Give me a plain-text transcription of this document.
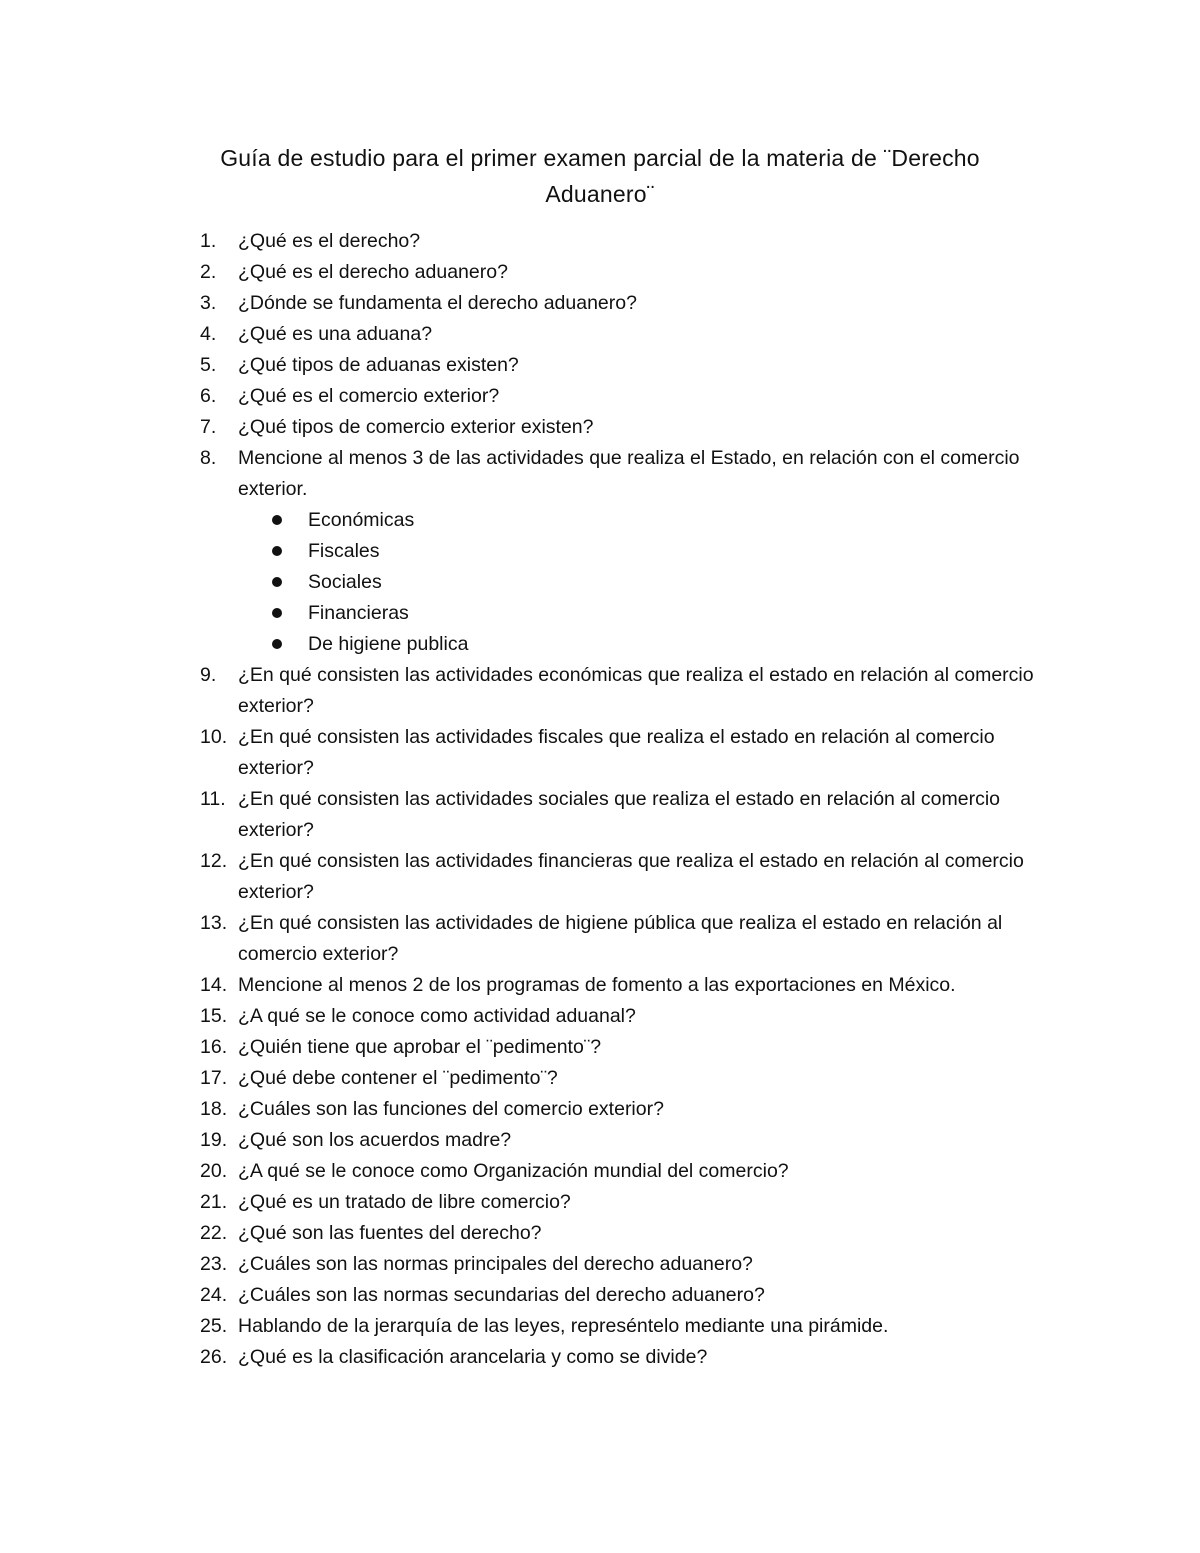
Guía de estudio para el primer examen parcial de la materia de ¨Derecho
Aduanero¨
1.	¿Qué es el derecho?
2.	¿Qué es el derecho aduanero?
3.	¿Dónde se fundamenta el derecho aduanero?
4.	¿Qué es una aduana?
5.	¿Qué tipos de aduanas existen?
6.	¿Qué es el comercio exterior?
7.	¿Qué tipos de comercio exterior existen?
8.	Mencione al menos 3 de las actividades que realiza el Estado, en relación con el comercio exterior.
Económicas
Fiscales
Sociales
Financieras
De higiene publica
9.	¿En qué consisten las actividades económicas que realiza el estado en relación al comercio exterior?
10. ¿En qué consisten las actividades fiscales que realiza el estado en relación al comercio exterior?
11. ¿En qué consisten las actividades sociales que realiza el estado en relación al comercio exterior?
12. ¿En qué consisten las actividades financieras que realiza el estado en relación al comercio exterior?
13. ¿En qué consisten las actividades de higiene pública que realiza el estado en relación al comercio exterior?
14. Mencione al menos 2 de los programas de fomento a las exportaciones en México.
15. ¿A qué se le conoce como actividad aduanal?
16. ¿Quién tiene que aprobar el ¨pedimento¨?
17. ¿Qué debe contener el ¨pedimento¨?
18. ¿Cuáles son las funciones del comercio exterior?
19. ¿Qué son los acuerdos madre?
20. ¿A qué se le conoce como Organización mundial del comercio?
21. ¿Qué es un tratado de libre comercio?
22. ¿Qué son las fuentes del derecho?
23. ¿Cuáles son las normas principales del derecho aduanero?
24. ¿Cuáles son las normas secundarias del derecho aduanero?
25. Hablando de la jerarquía de las leyes, represéntelo mediante una pirámide.
26. ¿Qué es la clasificación arancelaria y como se divide?
